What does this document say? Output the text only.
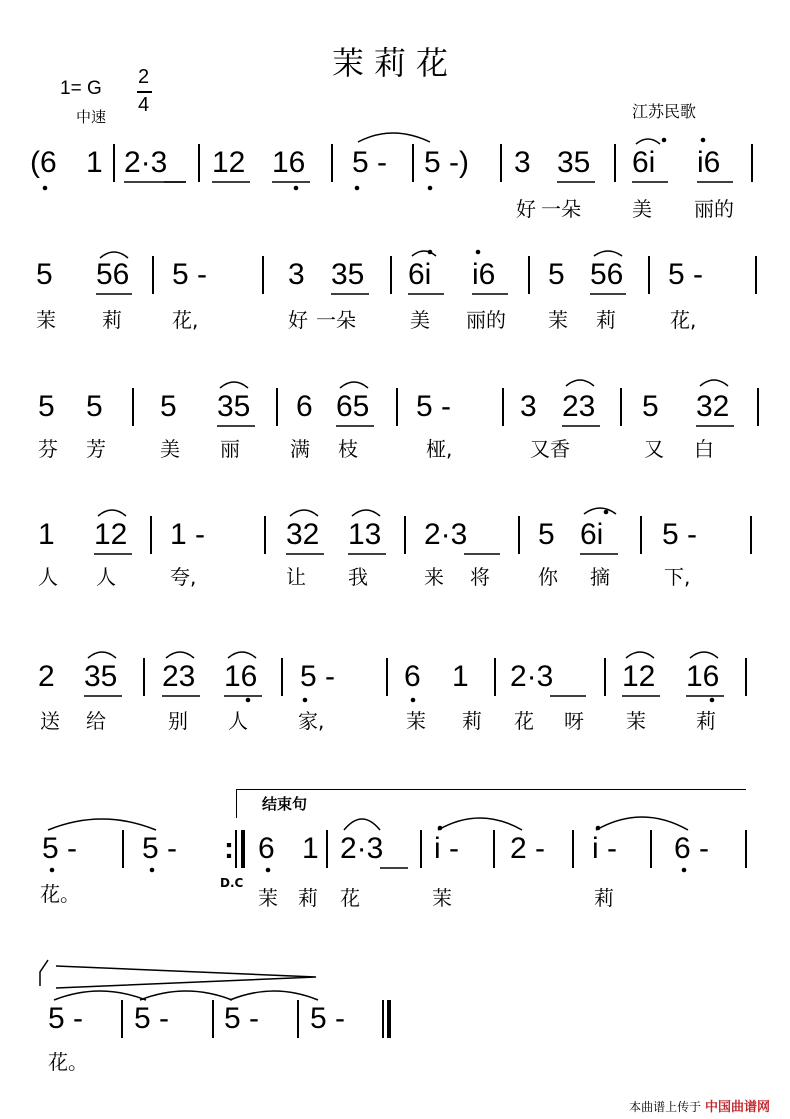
茉莉花
1= G
2
4
中速	江苏民歌
(6 1 2·3 12 16 5 - 5 -) 3 35 6i i6
好 一朵	美 丽的
5 56 5 -	3 35 6i i6 5 56 5 -
茉 莉	花,	好 一朵	美 丽的 茉 莉	花,
5 5 5 35 6 65 5 - 3 23 5 32
芬 芳	美 丽	满 枝	桠,	又香	又 白
1 12 1 -	32 13 2·3 5 6i 5 -
人 人	夸,	让 我	来 将 你 摘	下,
2 35 23 16 5 - 6 1 2·3 12 16
送 给	别 人	家,	茉 莉 花 呀 茉	莉
结束句
5 - 5 - : 6 1 2·3 i - 2 - i - 6 -
花。	D.C
茉 莉 花	茉	莉
5 - 5 - 5 - 5 -
花。
本曲谱上传于 中国曲谱网
